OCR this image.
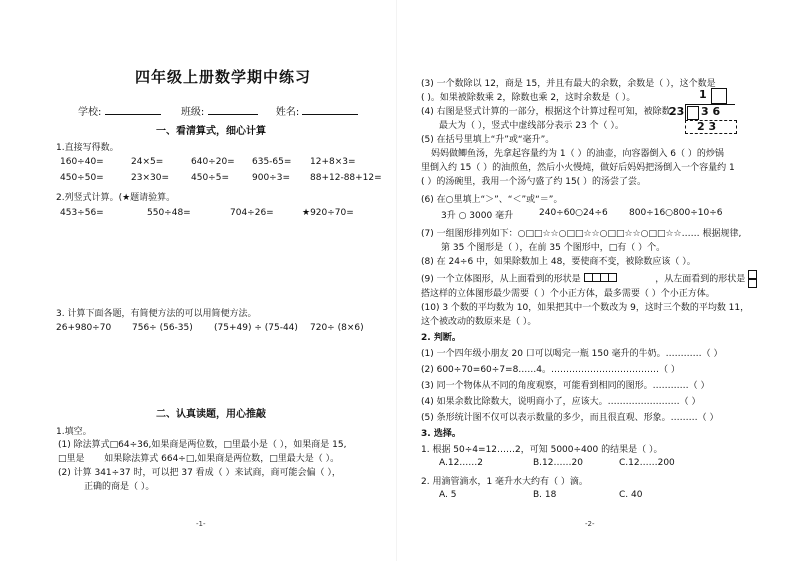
四年级上册数学期中练习
学校:	班级:	姓名:
一、看清算式，细心计算
1.直接写得数。
160÷40=	24×5=	640÷20= 635-65= 12+8×3=
450÷50=	23×30= 450÷5=	900÷3= 88+12-88+12=
2.列竖式计算。(★题请验算。
453÷56=	550÷48=	704÷26=	★920÷70=
3. 计算下面各题，有简便方法的可以用简便方法。
26+980÷70 756÷ (56-35) (75+49) ÷ (75-44) 720÷ (8×6)
二、认真读题，用心推敲
1.填空。
(1) 除法算式□64÷36,如果商是两位数，□里最小是（ ），如果商是 15,
□里是 如果除法算式 664÷□,如果商是两位数，□里最大是（ ）。
(2) 计算 341÷37 时，可以把 37 看成（ ）来试商，商可能会偏（ ），
正确的商是（ ）。
-1-
(3) 一个数除以 12，商是 15，并且有最大的余数，余数是（ ），这个数是
( )。如果被除数乘 2，除数也乘 2，这时余数是（ ）。
(4) 右图是竖式计算的一部分，根据这个计算过程可知，被除数
最大为（ ），竖式中虚线部分表示 23 个（ ）。
1
23 3 6
2 3
(5) 在括号里填上“升”或“毫升”。
妈妈做鲫鱼汤，先拿起容量约为 1（ ）的油壶，向容器倒入 6（ ）的炒锅
里倒入约 15（ ）的油煎鱼，然后小火慢炖，做好后妈妈把汤倒入一个容量约 1
( ）的汤碗里，我用一个汤勺盛了约 15( ）的汤尝了尝。
(6) 在○里填上“＞”、“＜”或“＝”。
3升 ○ 3000 毫升	240÷60○24÷6 800÷16○800÷10÷6
(7) 一组图形排列如下：○□□☆☆○□□☆☆○□□☆☆○□□☆☆…… 根据规律,
第 35 个图形是（ ），在前 35 个图形中，□有（ ）个。
(8) 在 24÷6 中，如果除数加上 48，要使商不变，被除数应该（ ）。
(9) 一个立体图形，从上面看到的形状是	，从左面看到的形状是
搭这样的立体图形最少需要（ ）个小正方体，最多需要（ ）个小正方体。
(10) 3 个数的平均数为 10，如果把其中一个数改为 9，这时三个数的平均数 11，
这个被改动的数原来是（ ）。
2. 判断。
(1) 一个四年级小朋友 20 口可以喝完一瓶 150 毫升的牛奶。…………（ ）
(2) 600÷70=60÷7=8……4。………………………………（ ）
(3) 同一个物体从不同的角度观察，可能看到相同的图形。…………（ ）
(4) 如果余数比除数大，说明商小了，应该大。……………………（ ）
(5) 条形统计图不仅可以表示数量的多少，而且很直观、形象。………（ ）
3. 选择。
1. 根据 50÷4=12……2，可知 5000÷400 的结果是（ ）。
A.12……2	B.12……20	C.12……200
2. 用滴管滴水，1 毫升水大约有（ ）滴。
A. 5	B. 18	C. 40
-2-
